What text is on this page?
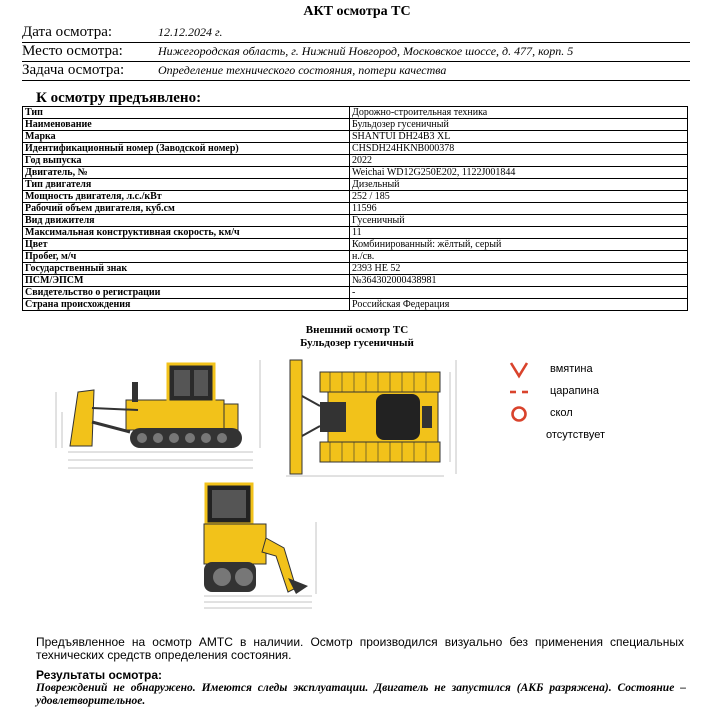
АКТ осмотра ТС
Дата осмотра:	12.12.2024 г.
Место осмотра:	Нижегородская область, г. Нижний Новгород, Московское шоссе, д. 477, корп. 5
Задача осмотра:	Определение технического состояния, потери качества
К осмотру предъявлено:
Тип	Дорожно-строительная техника
Наименование	Бульдозер гусеничный
Марка	SHANTUI DH24B3 XL
Идентификационный номер (Заводской номер)	CHSDH24HKNB000378
Год выпуска	2022
Двигатель, №	Weichai WD12G250E202, 1122J001844
Тип двигателя	Дизельный
Мощность двигателя, л.с./кВт	252 / 185
Рабочий объем двигателя, куб.см	11596
Вид движителя	Гусеничный
Максимальная конструктивная скорость, км/ч	11
Цвет	Комбинированный: жёлтый, серый
Пробег, м/ч	н./св.
Государственный знак	2393 НЕ 52
ПСМ/ЭПСМ	№364302000438981
Свидетельство о регистрации	-
Страна происхождения	Российская Федерация
Внешний осмотр ТС
Бульдозер гусеничный
вмятина
царапина
скол
отсутствует
Предъявленное на осмотр АМТС в наличии. Осмотр производился визуально без применения специальных технических средств определения состояния.
Результаты осмотра:
Повреждений не обнаружено. Имеются следы эксплуатации. Двигатель не запустился (АКБ разряжена). Состояние – удовлетворительное.
